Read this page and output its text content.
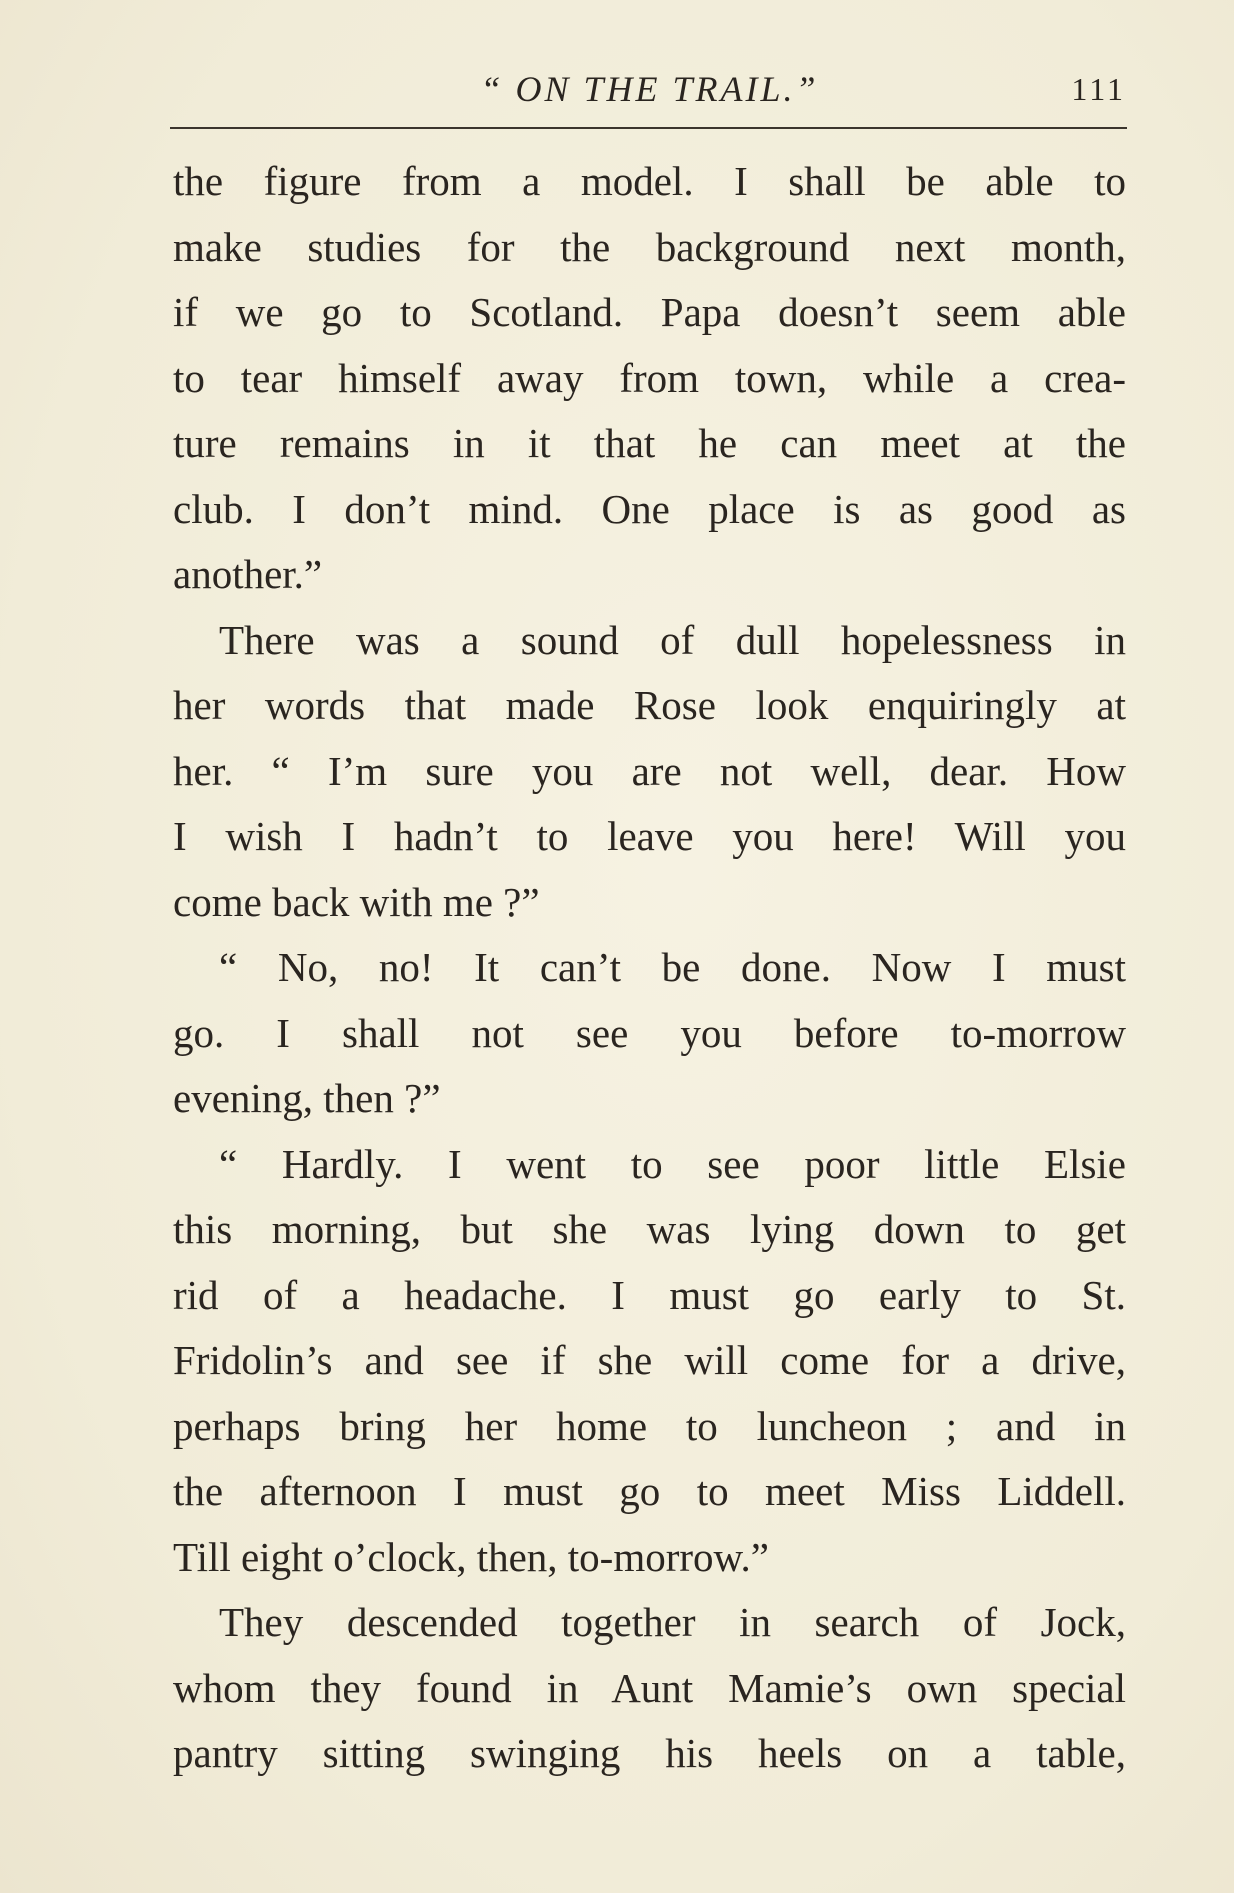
“ ON THE TRAIL.”	111
the figure from a model. I shall be able to
make studies for the background next month,
if we go to Scotland. Papa doesn’t seem able
to tear himself away from town, while a crea-
ture remains in it that he can meet at the
club. I don’t mind. One place is as good as
another.”
There was a sound of dull hopelessness in
her words that made Rose look enquiringly at
her. “ I’m sure you are not well, dear. How
I wish I hadn’t to leave you here! Will you
come back with me ?”
“ No, no! It can’t be done. Now I must
go. I shall not see you before to-morrow
evening, then ?”
“ Hardly. I went to see poor little Elsie
this morning, but she was lying down to get
rid of a headache. I must go early to St.
Fridolin’s and see if she will come for a drive,
perhaps bring her home to luncheon ; and in
the afternoon I must go to meet Miss Liddell.
Till eight o’clock, then, to-morrow.”
They descended together in search of Jock,
whom they found in Aunt Mamie’s own special
pantry sitting swinging his heels on a table,
